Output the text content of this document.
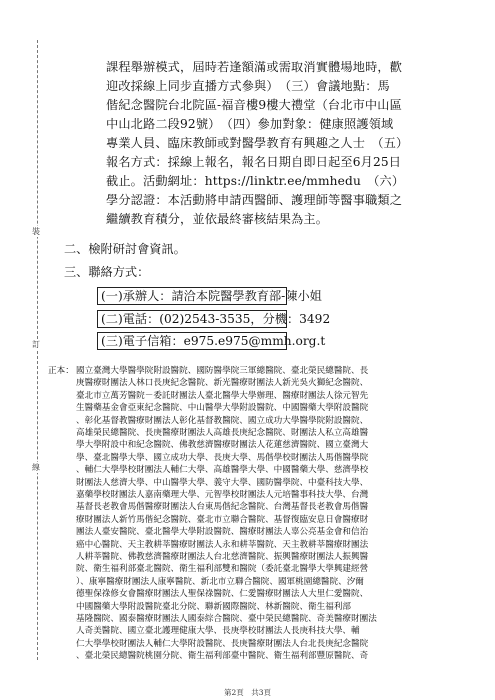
課程舉辦模式，屆時若逢額滿或需取消實體場地時，歡
迎改採線上同步直播方式參與）　（三）會議地點：馬
偕紀念醫院台北院區-福音樓9樓大禮堂（台北市中山區
中山北路二段92號）　（四）參加對象：健康照護領域
專業人員、臨床教師或對醫學教育有興趣之人士　（五）
報名方式：採線上報名，報名日期自即日起至6月25日
截止。活動網址：https://linktr.ee/mmhedu　（六）
學分認證：本活動將申請西醫師、護理師等醫事職類之
繼續教育積分，並依最終審核結果為主。
二、檢附研討會資訊。
三、聯絡方式：
(一)承辦人：請洽本院醫學教育部-陳小姐
(二)電話：(02)2543-3535，分機：3492
(三)電子信箱：e975.e975@mmh.org.t
裝
訂
線
正本： 國立臺灣大學醫學院附設醫院、國防醫學院三軍總醫院、臺北榮民總醫院、長
庚醫療財團法人林口長庚紀念醫院、新光醫療財團法人新光吳火獅紀念醫院、
臺北市立萬芳醫院－委託財團法人臺北醫學大學辦理、醫療財團法人徐元智先
生醫藥基金會亞東紀念醫院、中山醫學大學附設醫院、中國醫藥大學附設醫院
、彰化基督教醫療財團法人彰化基督教醫院、國立成功大學醫學院附設醫院、
高雄榮民總醫院、長庚醫療財團法人高雄長庚紀念醫院、財團法人私立高雄醫
學大學附設中和紀念醫院、佛教慈濟醫療財團法人花蓮慈濟醫院、國立臺灣大
學、臺北醫學大學、國立成功大學、長庚大學、馬偕學校財團法人馬偕醫學院
、輔仁大學學校財團法人輔仁大學、高雄醫學大學、中國醫藥大學、慈濟學校
財團法人慈濟大學、中山醫學大學、義守大學、國防醫學院、中臺科技大學、
嘉藥學校財團法人嘉南藥理大學、元智學校財團法人元培醫事科技大學、台灣
基督長老教會馬偕醫療財團法人台東馬偕紀念醫院、台灣基督長老教會馬偕醫
療財團法人新竹馬偕紀念醫院、臺北市立聯合醫院、基督復臨安息日會醫療財
團法人臺安醫院、臺北醫學大學附設醫院、醫療財團法人辜公亮基金會和信治
癌中心醫院、天主教耕莘醫療財團法人永和耕莘醫院、天主教耕莘醫療財團法
人耕莘醫院、佛教慈濟醫療財團法人台北慈濟醫院、振興醫療財團法人振興醫
院、衛生福利部臺北醫院、衛生福利部雙和醫院（委託臺北醫學大學興建經營
）、康寧醫療財團法人康寧醫院、新北市立聯合醫院、國軍桃園總醫院、汐爾
德聖保祿修女會醫療財團法人聖保祿醫院、仁愛醫療財團法人大里仁愛醫院、
中國醫藥大學附設醫院臺北分院、聯新國際醫院、林新醫院、衛生福利部
基隆醫院、國泰醫療財團法人國泰綜合醫院、臺中榮民總醫院、奇美醫療財團法
人奇美醫院、國立臺北護理健康大學、長庚學校財團法人長庚科技大學、輔
仁大學學校財團法人輔仁大學附設醫院、長庚醫療財團法人台北長庚紀念醫院
、臺北榮民總醫院桃園分院、衛生福利部臺中醫院、衛生福利部豐原醫院、奇
第2頁　共3頁
